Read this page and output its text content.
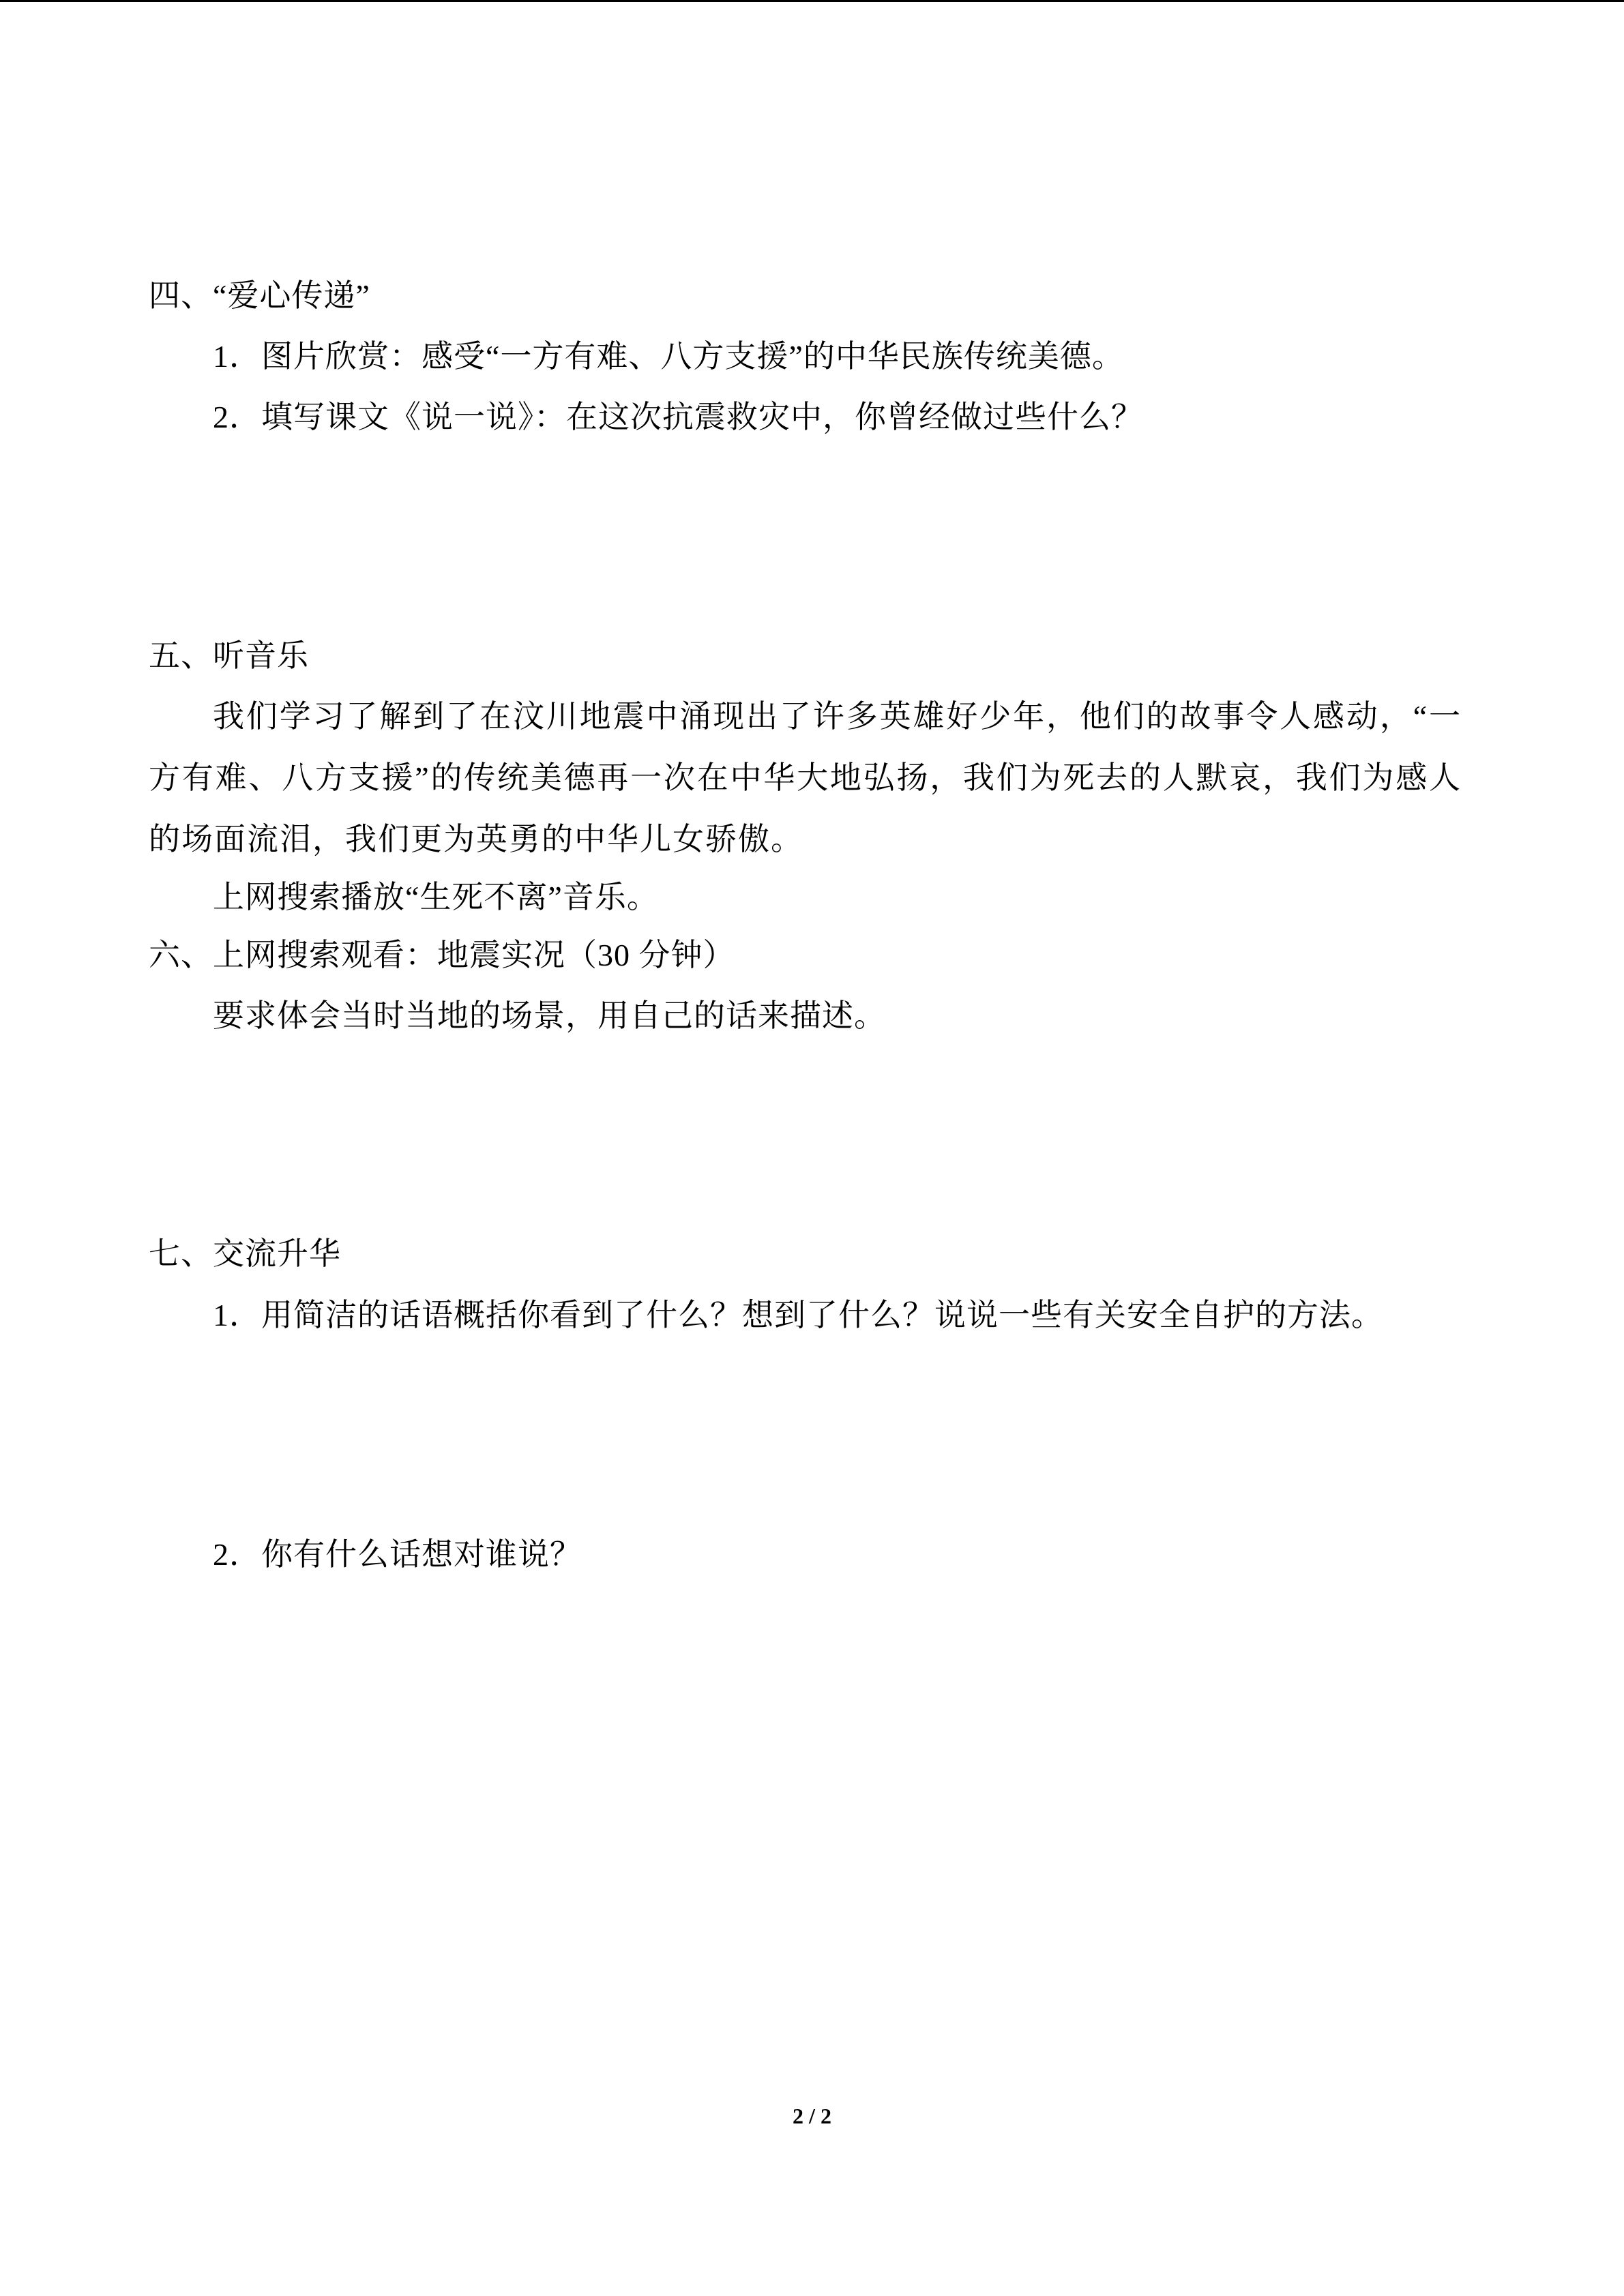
四、“爱心传递”

1．图片欣赏：感受“一方有难、八方支援”的中华民族传统美德。

2．填写课文《说一说》：在这次抗震救灾中，你曾经做过些什么？

五、听音乐

我们学习了解到了在汶川地震中涌现出了许多英雄好少年，他们的故事令人感动，“一方有难、八方支援”的传统美德再一次在中华大地弘扬，我们为死去的人默哀，我们为感人的场面流泪，我们更为英勇的中华儿女骄傲。

上网搜索播放“生死不离”音乐。

六、上网搜索观看：地震实况（30 分钟）

要求体会当时当地的场景，用自己的话来描述。

七、交流升华

1．用简洁的话语概括你看到了什么？想到了什么？说说一些有关安全自护的方法。

2．你有什么话想对谁说？

2 / 2
